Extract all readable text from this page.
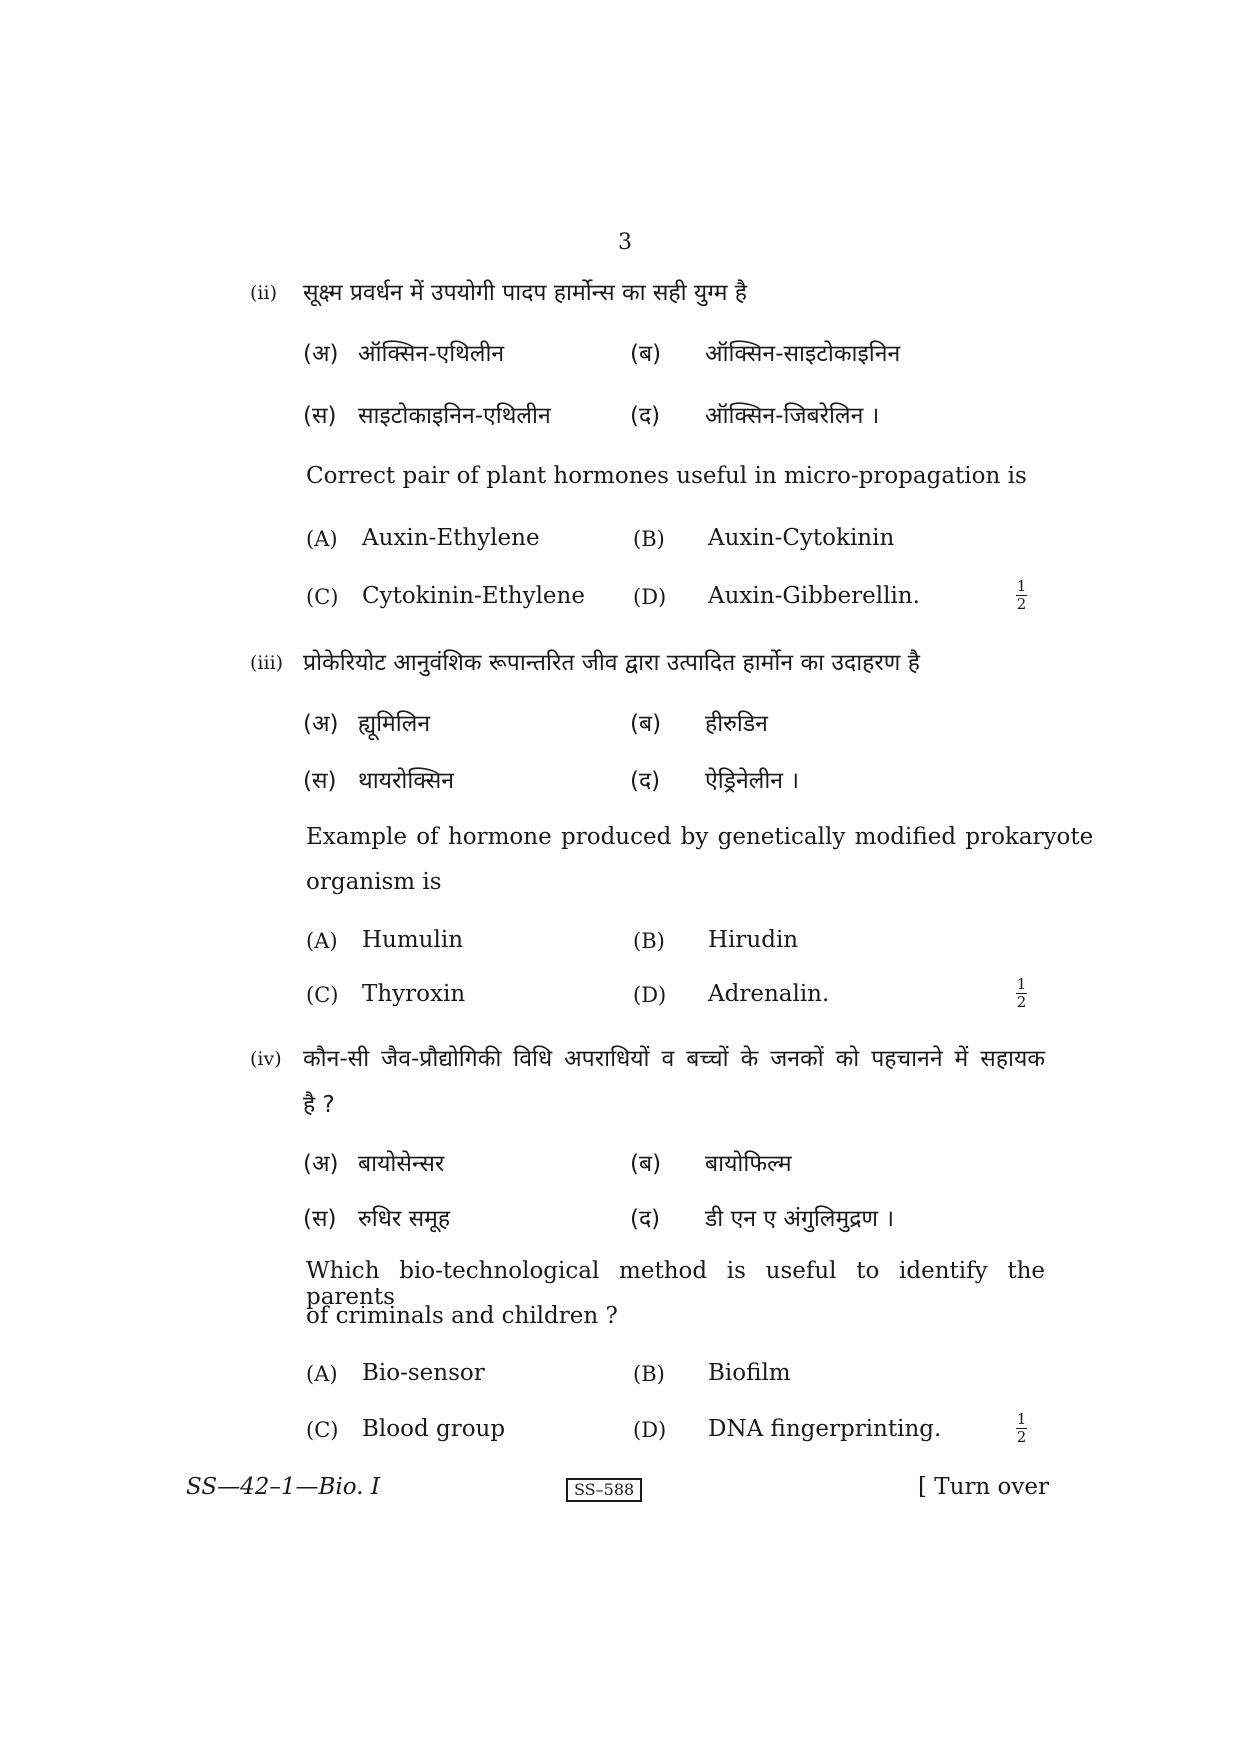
3
(ii) सूक्ष्म प्रवर्धन में उपयोगी पादप हार्मोन्स का सही युग्म है
(अ) ऑक्सिन-एथिलीन	(ब) ऑक्सिन-साइटोकाइनिन
(स) साइटोकाइनिन-एथिलीन	(द) ऑक्सिन-जिबरेलिन ।
Correct pair of plant hormones useful in micro-propagation is
(A) Auxin-Ethylene	(B) Auxin-Cytokinin
(C) Cytokinin-Ethylene (D) Auxin-Gibberellin.	1
2
(iii) प्रोकेरियोट आनुवंशिक रूपान्तरित जीव द्वारा उत्पादित हार्मोन का उदाहरण है
(अ) ह्यूमिलिन	(ब) हीरुडिन
(स) थायरोक्सिन	(द) ऐड्रिनेलीन ।
Example of hormone produced by genetically modified prokaryote
organism is
(A) Humulin	(B) Hirudin
(C) Thyroxin	(D) Adrenalin.	1
2
(iv) कौन-सी जैव-प्रौद्योगिकी विधि अपराधियों व बच्चों के जनकों को पहचानने में सहायक
है ?
(अ) बायोसेन्सर	(ब) बायोफिल्म
(स) रुधिर समूह	(द) डी एन ए अंगुलिमुद्रण ।
Which bio-technological method is useful to identify the parents
of criminals and children ?
(A) Bio-sensor	(B) Biofilm
(C) Blood group	(D) DNA fingerprinting.	1
2
SS—42–1—Bio. I	SS–588	[ Turn over
